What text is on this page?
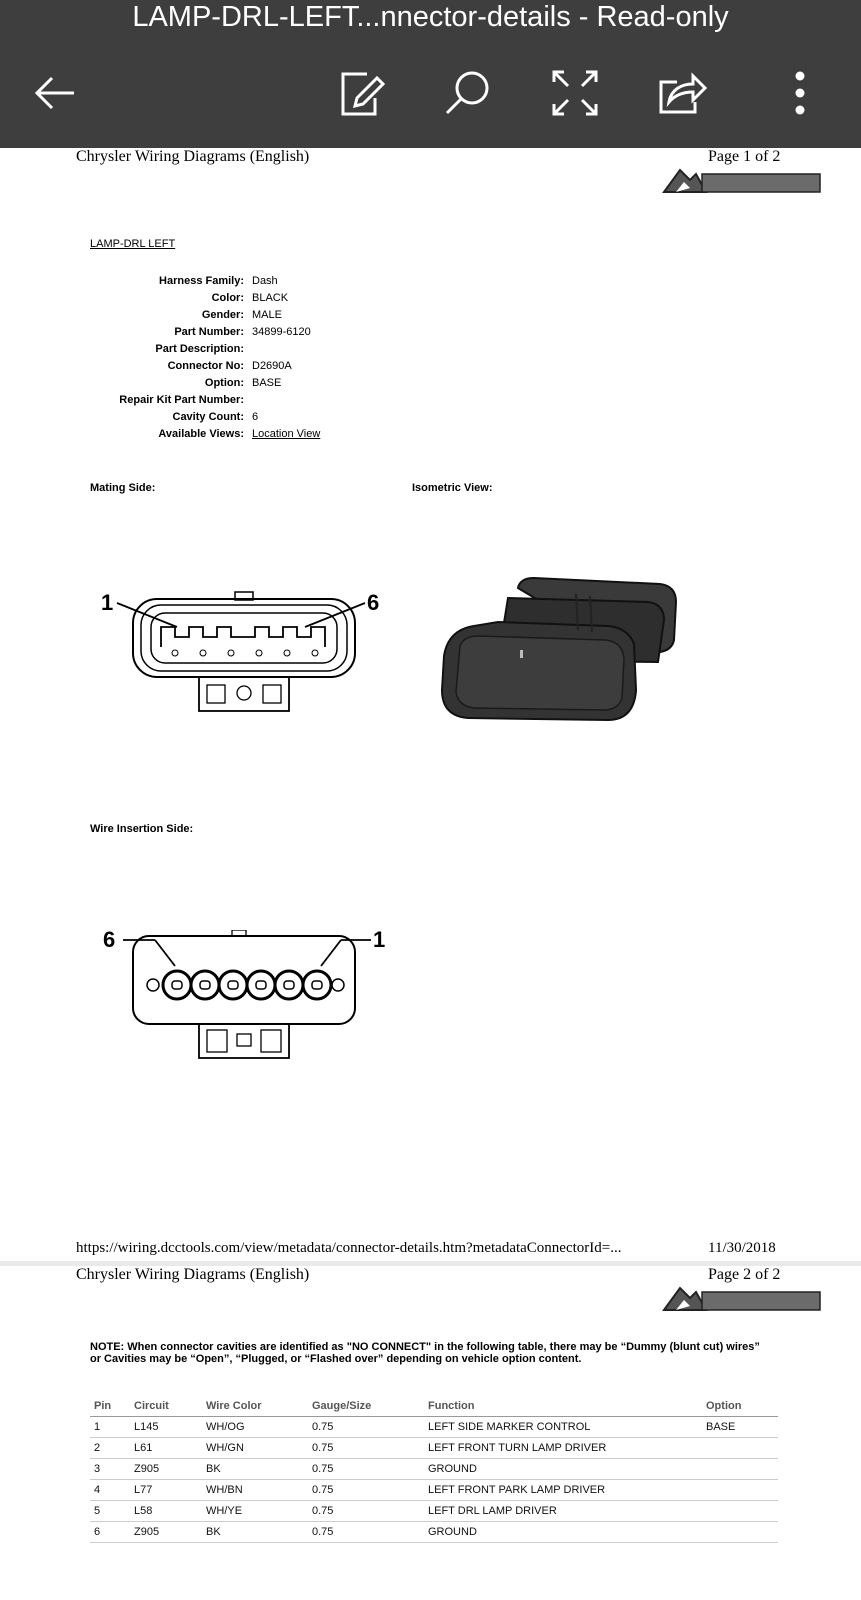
LAMP-DRL-LEFT...nnector-details - Read-only
Chrysler Wiring Diagrams (English)	Page 1 of 2
LAMP-DRL LEFT
Harness Family: Dash
Color: BLACK
Gender: MALE
Part Number: 34899-6120
Part Description:
Connector No: D2690A
Option: BASE
Repair Kit Part Number:
Cavity Count: 6
Available Views: Location View
Mating Side:	Isometric View:
1	6
Wire Insertion Side:
6	1
https://wiring.dcctools.com/view/metadata/connector-details.htm?metadataConnectorId=...	11/30/2018
Chrysler Wiring Diagrams (English)	Page 2 of 2
NOTE: When connector cavities are identified as "NO CONNECT" in the following table, there may be “Dummy (blunt cut) wires” or Cavities may be “Open”, “Plugged, or “Flashed over” depending on vehicle option content.
Pin	Circuit	Wire Color	Gauge/Size	Function	Option
1	L145	WH/OG	0.75	LEFT SIDE MARKER CONTROL	BASE
2	L61	WH/GN	0.75	LEFT FRONT TURN LAMP DRIVER	
3	Z905	BK	0.75	GROUND	
4	L77	WH/BN	0.75	LEFT FRONT PARK LAMP DRIVER	
5	L58	WH/YE	0.75	LEFT DRL LAMP DRIVER	
6	Z905	BK	0.75	GROUND	
